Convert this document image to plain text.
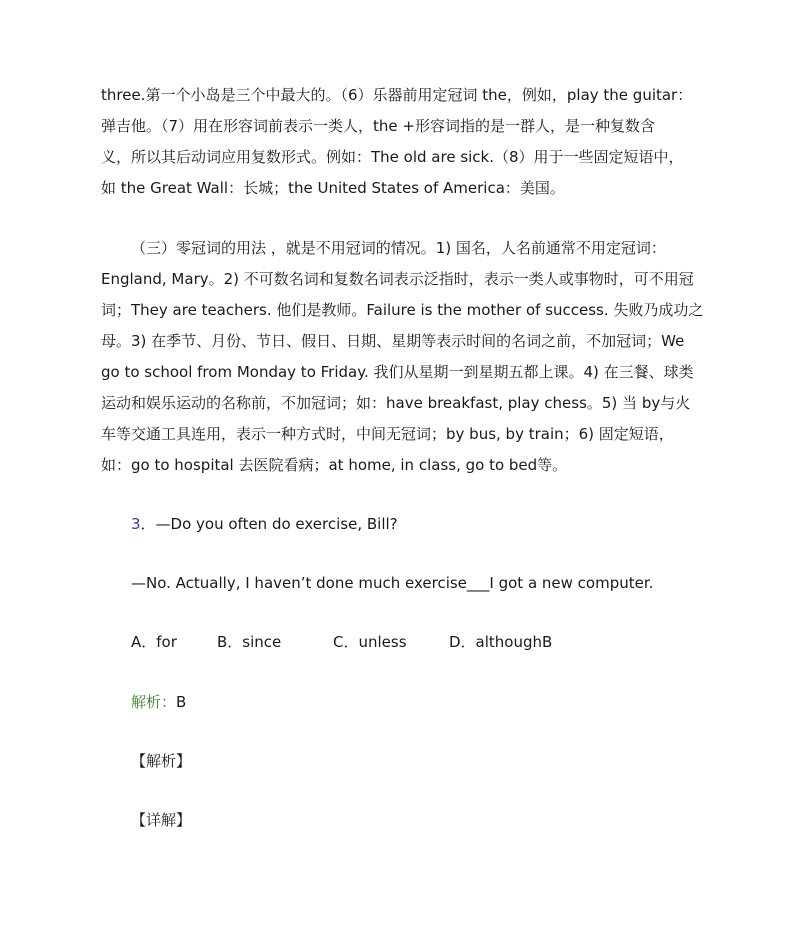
three.第一个小岛是三个中最大的。（6）乐器前用定冠词 the，例如，play the guitar：
弹吉他。（7）用在形容词前表示一类人，the +形容词指的是一群人，是一种复数含
义，所以其后动词应用复数形式。例如：The old are sick.（8）用于一些固定短语中，
如 the Great Wall：长城；the United States of America：美国。
（三）零冠词的用法 ，就是不用冠词的情况。1) 国名，人名前通常不用定冠词：
England, Mary。2) 不可数名词和复数名词表示泛指时，表示一类人或事物时，可不用冠
词；They are teachers. 他们是教师。Failure is the mother of success. 失败乃成功之
母。3) 在季节、月份、节日、假日、日期、星期等表示时间的名词之前，不加冠词；We
go to school from Monday to Friday. 我们从星期一到星期五都上课。4) 在三餐、球类
运动和娱乐运动的名称前，不加冠词；如：have breakfast, play chess。5) 当 by与火
车等交通工具连用，表示一种方式时，中间无冠词；by bus, by train；6) 固定短语，
如：go to hospital 去医院看病；at home, in class, go to bed等。
3．—Do you often do exercise, Bill?
—No. Actually, I haven’t done much exercise___I got a new computer.
A．for	B．since	C．unless	D．althoughB
解析：B
【解析】
【详解】
